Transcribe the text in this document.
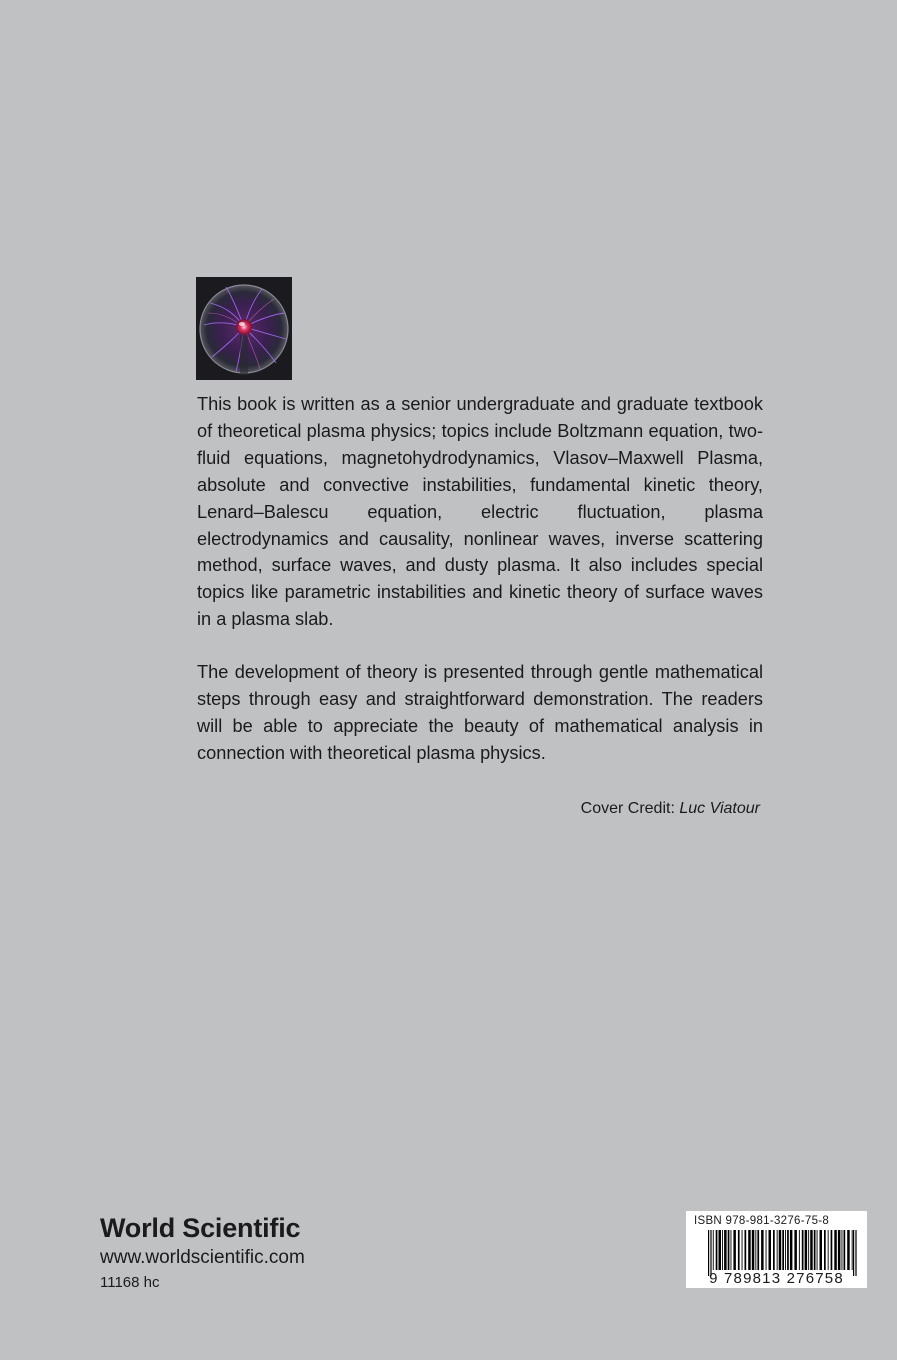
This book is written as a senior undergraduate and graduate textbook of theoretical plasma physics; topics include Boltzmann equation, two-fluid equations, magnetohydrodynamics, Vlasov–Maxwell Plasma, absolute and convective instabilities, fundamental kinetic theory, Lenard–Balescu equation, electric fluctuation, plasma electrodynamics and causality, nonlinear waves, inverse scattering method, surface waves, and dusty plasma. It also includes special topics like parametric instabilities and kinetic theory of surface waves in a plasma slab.

The development of theory is presented through gentle mathematical steps through easy and straightforward demonstration. The readers will be able to appreciate the beauty of mathematical analysis in connection with theoretical plasma physics.

Cover Credit: Luc Viatour
World Scientific
www.worldscientific.com
11168 hc
ISBN 978-981-3276-75-8
9 789813 276758
